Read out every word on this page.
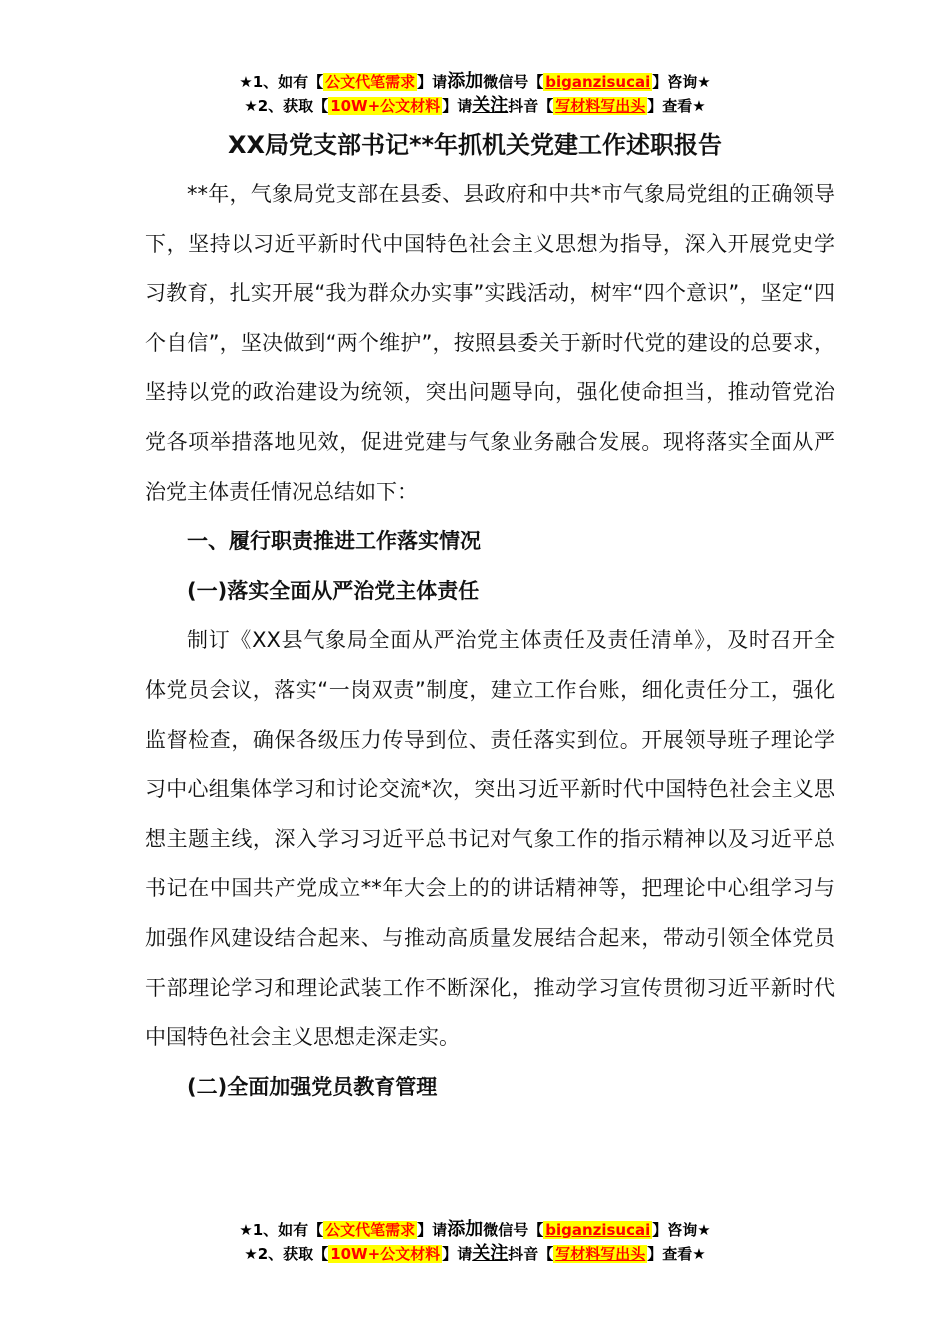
★1、如有【 公文代笔需求 】请添加微信号【 biganzisucai 】咨询★
★2、获取【 10W+公文材料 】请关注抖音【 写材料写出头 】查看★
XX局党支部书记**年抓机关党建工作述职报告

**年，气象局党支部在县委、县政府和中共*市气象局党组的正确领导下，坚持以习近平新时代中国特色社会主义思想为指导，深入开展党史学习教育，扎实开展“我为群众办实事”实践活动，树牢“四个意识”，坚定“四个自信”，坚决做到“两个维护”，按照县委关于新时代党的建设的总要求，坚持以党的政治建设为统领，突出问题导向，强化使命担当，推动管党治党各项举措落地见效，促进党建与气象业务融合发展。现将落实全面从严治党主体责任情况总结如下：

一、履行职责推进工作落实情况

(一)落实全面从严治党主体责任

制订《XX县气象局全面从严治党主体责任及责任清单》，及时召开全体党员会议，落实“一岗双责”制度，建立工作台账，细化责任分工，强化监督检查，确保各级压力传导到位、责任落实到位。开展领导班子理论学习中心组集体学习和讨论交流*次，突出习近平新时代中国特色社会主义思想主题主线，深入学习习近平总书记对气象工作的指示精神以及习近平总书记在中国共产党成立**年大会上的的讲话精神等，把理论中心组学习与加强作风建设结合起来、与推动高质量发展结合起来，带动引领全体党员干部理论学习和理论武装工作不断深化，推动学习宣传贯彻习近平新时代中国特色社会主义思想走深走实。

(二)全面加强党员教育管理

★1、如有【 公文代笔需求 】请添加微信号【 biganzisucai 】咨询★
★2、获取【 10W+公文材料 】请关注抖音【 写材料写出头 】查看★
